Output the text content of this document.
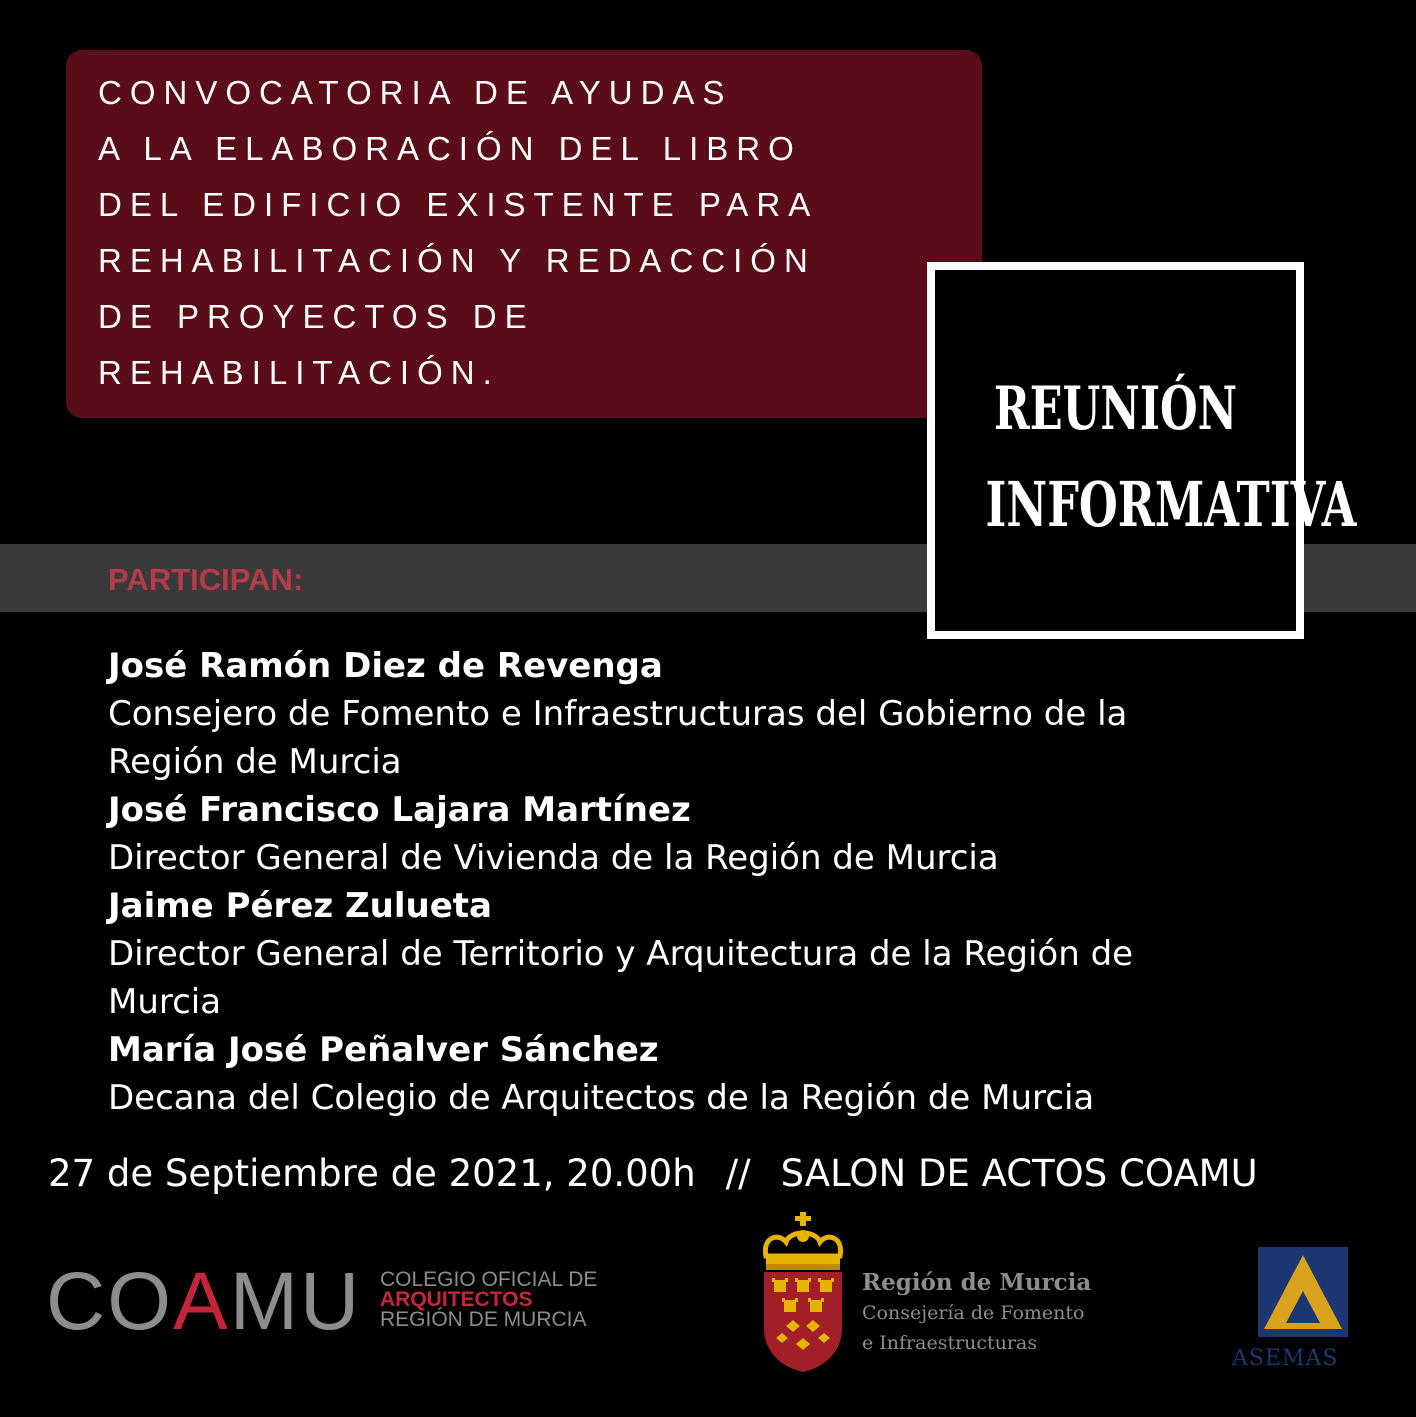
CONVOCATORIA DE AYUDAS
A LA ELABORACIÓN DEL LIBRO
DEL EDIFICIO EXISTENTE PARA
REHABILITACIÓN Y REDACCIÓN
DE PROYECTOS DE
REHABILITACIÓN.
PARTICIPAN:
REUNIÓN
INFORMATIVA
José Ramón Diez de Revenga
Consejero de Fomento e Infraestructuras del Gobierno de la
Región de Murcia
José Francisco Lajara Martínez
Director General de Vivienda de la Región de Murcia
Jaime Pérez Zulueta
Director General de Territorio y Arquitectura de la Región de
Murcia
María José Peñalver Sánchez
Decana del Colegio de Arquitectos de la Región de Murcia
27 de Septiembre de 2021, 20.00h // SALON DE ACTOS COAMU
COAMU COLEGIO OFICIAL DE
ARQUITECTOS
REGIÓN DE MURCIA
Región de Murcia
Consejería de Fomento
e Infraestructuras
ASEMAS
